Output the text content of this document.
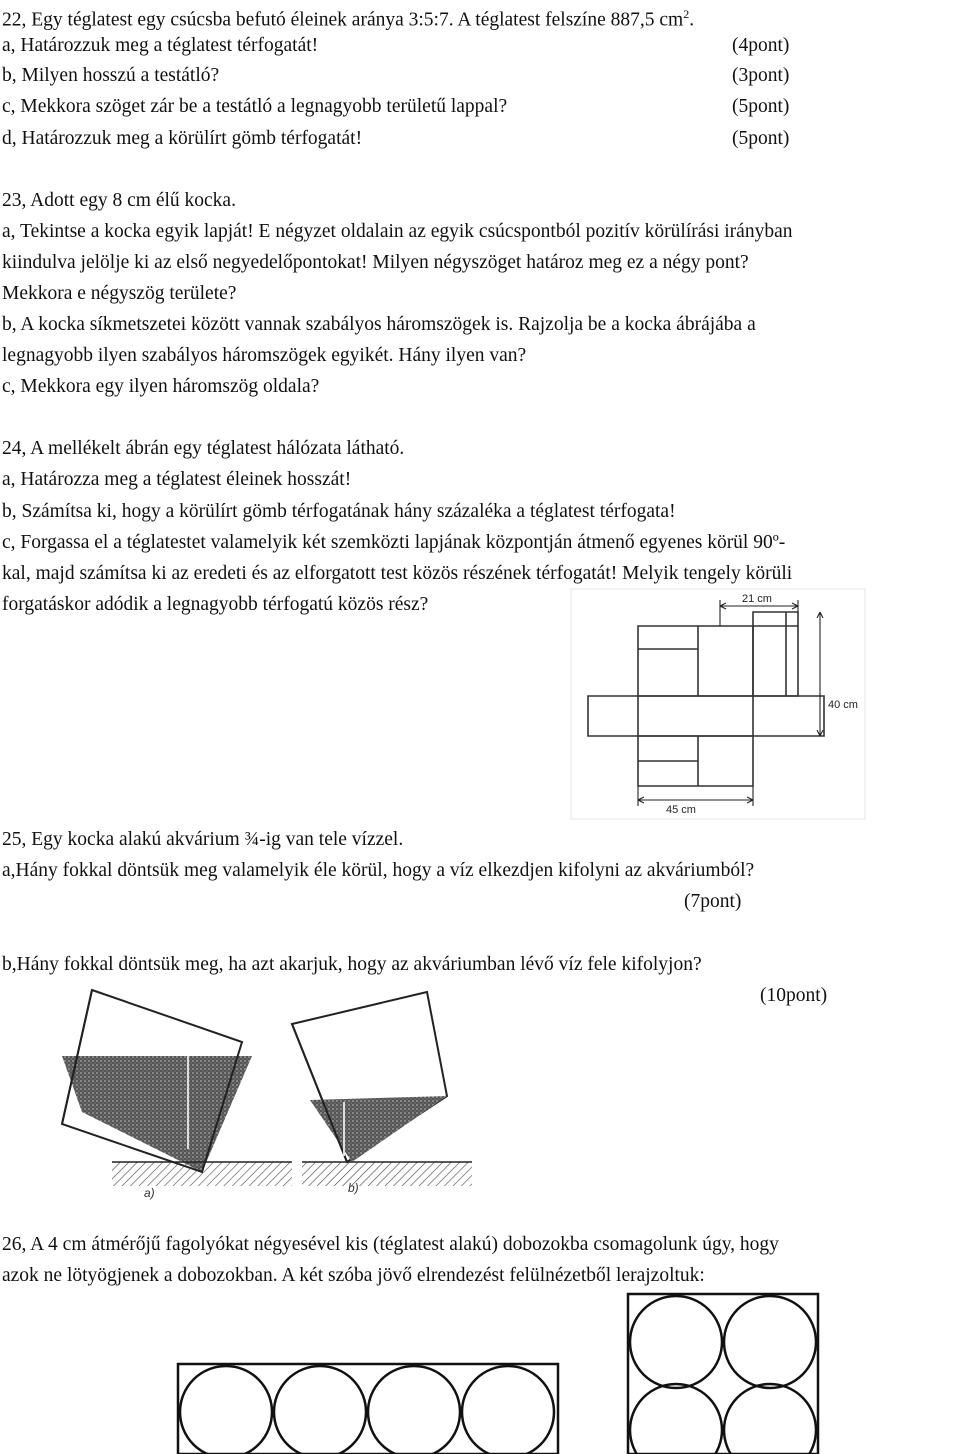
22, Egy téglatest egy csúcsba befutó éleinek aránya 3:5:7. A téglatest felszíne 887,5 $cm^2$.
a, Határozzuk meg a téglatest térfogatát!	(4pont)
b, Milyen hosszú a testátló?	(3pont)
c, Mekkora szöget zár be a testátló a legnagyobb területű lappal?	(5pont)
d, Határozzuk meg a körülírt gömb térfogatát!	(5pont)
23, Adott egy 8 cm élű kocka.
a, Tekintse a kocka egyik lapját! E négyzet oldalain az egyik csúcspontból pozitív körülírási irányban
kiindulva jelölje ki az első negyedelőpontokat! Milyen négyszöget határoz meg ez a négy pont?
Mekkora e négyszög területe?
b, A kocka síkmetszetei között vannak szabályos háromszögek is. Rajzolja be a kocka ábrájába a
legnagyobb ilyen szabályos háromszögek egyikét. Hány ilyen van?
c, Mekkora egy ilyen háromszög oldala?
24, A mellékelt ábrán egy téglatest hálózata látható.
a, Határozza meg a téglatest éleinek hosszát!
b, Számítsa ki, hogy a körülírt gömb térfogatának hány százaléka a téglatest térfogata!
c, Forgassa el a téglatestet valamelyik két szemközti lapjának központján átmenő egyenes körül 90º-
kal, majd számítsa ki az eredeti és az elforgatott test közös részének térfogatát! Melyik tengely körüli
forgatáskor adódik a legnagyobb térfogatú közös rész?	21 cm
40 cm
45 cm
25, Egy kocka alakú akvárium ¾-ig van tele vízzel.
a,Hány fokkal döntsük meg valamelyik éle körül, hogy a víz elkezdjen kifolyni az akváriumból?
(7pont)
b,Hány fokkal döntsük meg, ha azt akarjuk, hogy az akváriumban lévő víz fele kifolyjon?
(10pont)
a)	b)
26, A 4 cm átmérőjű fagolyókat négyesével kis (téglatest alakú) dobozokba csomagolunk úgy, hogy
azok ne lötyögjenek a dobozokban. A két szóba jövő elrendezést felülnézetből lerajzoltuk:
